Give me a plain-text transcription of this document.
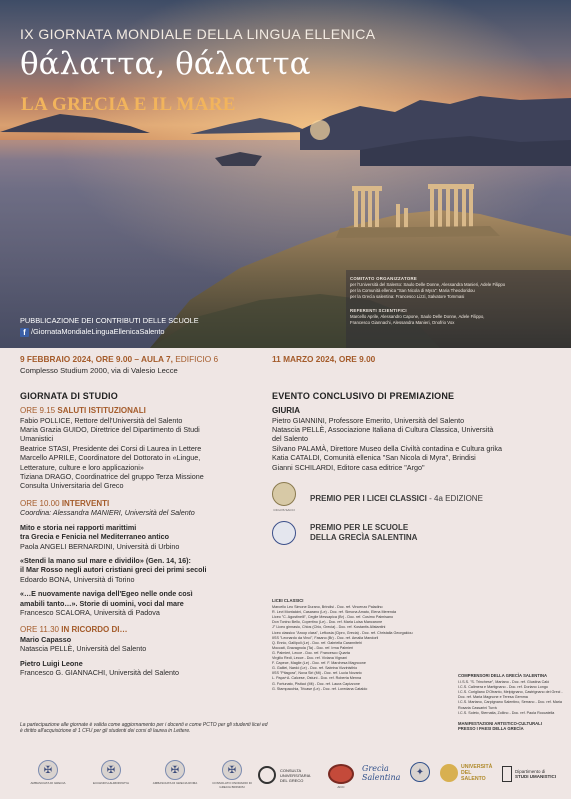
IX GIORNATA MONDIALE DELLA LINGUA ELLENICA
θάλαττα, θάλαττα
LA GRECIA E IL MARE
COMITATO ORGANIZZATORE
per l'Università del Salento: Saulo Delle Donne, Alessandra Manieri, Adele Filippo
per la Comunità ellenica "San Nicola di Myra": Maria Theodoridou
per la Grecìa salentina: Francesco Lizzi, Salvatore Tommasi
REFERENTI SCIENTIFICI
Marcello Aprile, Alessandro Capone, Saulo Delle Donne, Adele Filippo,
Francesco Giannachi, Alessandra Manieri, Onofrio Vox
PUBBLICAZIONE DEI CONTRIBUTI DELLE SCUOLE
f /GiornataMondialeLinguaEllenicaSalento
9 FEBBRAIO 2024, ORE 9.00 – AULA 7, EDIFICIO 6
Complesso Studium 2000, via di Valesio Lecce
GIORNATA DI STUDIO
ORE 9.15 SALUTI ISTITUZIONALI

Fabio POLLICE, Rettore dell'Università del Salento

Maria Grazia GUIDO, Direttrice del Dipartimento di Studi

Umanistici

Beatrice STASI, Presidente dei Corsi di Laurea in Lettere

Marcello APRILE, Coordinatore del Dottorato in «Lingue,

Letterature, culture e loro applicazioni»

Tiziana DRAGO, Coordinatrice del gruppo Terza Missione

Consulta Universitaria del Greco

ORE 10.00 INTERVENTI

Coordina: Alessandra MANIERI, Università del Salento

Mito e storia nei rapporti marittimi

tra Grecia e Fenicia nel Mediterraneo antico

Paola ANGELI BERNARDINI, Università di Urbino

«Stendi la mano sul mare e dividilo» (Gen. 14, 16):

il Mar Rosso negli autori cristiani greci dei primi secoli

Edoardo BONA, Università di Torino

«…E nuovamente naviga dell'Egeo nelle onde così

amabili tanto…». Storie di uomini, voci dal mare

Francesco SCALORA, Università di Padova

ORE 11.30 IN RICORDO DI…

Mario Capasso

Natascia PELLÈ, Università del Salento

Pietro Luigi Leone

Francesco G. GIANNACHI, Università del Salento

La partecipazione alle giornate è valida come aggiornamento per i docenti e come PCTO per gli studenti licei ed è diritto all'acquisizione di 1 CFU per gli studenti dei corsi di laurea in Lettere.
11 MARZO 2024, ORE 9.00
EVENTO CONCLUSIVO DI PREMIAZIONE
GIURIA

Pietro GIANNINI, Professore Emerito, Università del Salento

Natascia PELLÈ, Associazione Italiana di Cultura Classica, Università

del Salento

Silvano PALAMÀ, Direttore Museo della Civiltà contadina e Cultura grika

Katia CATALDI, Comunità ellenica "San Nicola di Myra", Brindisi

Gianni SCHILARDI, Editore casa editrice "Argo"

CICLOS SACCI
PREMIO PER I LICEI CLASSICI - 4a EDIZIONE
PREMIO PER LE SCUOLE
DELLA GRECÌA SALENTINA
LICEI CLASSICI
Marcello Leo Simone Durano, Brindisi - Doc. ref. Vincenzo Paladino
R. Levi Montalcini, Casarano (Le) - Doc. ref. Simona Amato, Elena Merenda
Liceo "C. Agostinelli", Ceglie Messapica (Br) - Doc. ref. Cosimo Palmisano
Don Tonino Bello, Copertino (Le) - Doc. ref. Maria Luisa Mancarone
J° Liceo ginnasio, Chios (Chio, Grecia) - Doc. ref. Kostantis Alistantini
Liceo classico "Aroop class", Lefkosia (Cipro, Grecia) - Doc. ref. Christalla Georgakiou
IISS "Leonardo da Vinci", Fasano (Br) - Doc. ref. Amalia Mandorli
Q. Ennio, Gallipoli (Le) - Doc. ref. Gabriella Carannitehi
Moccati, Gravagnola (Ta) - Doc. ref. Irma Palmieri
G. Palmieri, Lecce - Doc. ref. Francesco Quarta
Virgilio Redi, Lecce - Doc. ref. Viviana Vignani
F. Capece, Maglie (Le) - Doc. ref. F. Marchesa Magnoone
G. Galilei, Nardò (Le) - Doc. ref. Sabrina Vizzinisthio
IISS "Pitagora", Nova Siri (Mt) - Doc. ref. Lucia Novario
L. Papa+A. Calcese, Ostuni - Doc. ref. Roberta Menna
G. Fortunato, Pisticci (Mt) - Doc. ref. Laura Capizzone
G. Stampacchia, Tricase (Le) - Doc. ref. Loredana Cataldo
COMPRENSORI DELLA GRECÌA SALENTINA
I.I.S.S. "S. Trinchese", Martano - Doc. ref. Giustina Calò
I.C.S. Calimera e Martignano - Doc. ref. Doriano Longo
I.C.S. Corigliano D'Otranto, Melpignano, Castrignano dei Greci - Doc. ref. Maria Magnone e Teresa Gemma
I.C.S. Martano, Carpignano Salentino, Serrano - Doc. ref. Maria Rosaria Cassarini Turrà
I.C.S. Soleto, Sternatia, Zollino - Doc. ref. Paola Roccatella
MANIFESTAZIONI ARTISTICO-CULTURALI
PRESSO I PAESI DELLA GRECÌA
✠
AMBASCIATA DI GRECIA
✠
ΕΛΛΗΝΙΚΉ ΔΗΜΟΚΡΑΤΊΑ
✠
AMBASCIATA DI GRECIA ROMA
✠
CONSOLATO ONORARIO DI GRECIA BRINDISI
CONSULTA UNIVERSITARIA DEL GRECO
AICC
Grecìa Salentina	✦	UNIVERSITÀ DEL SALENTO
Dipartimento di
STUDI UMANISTICI
